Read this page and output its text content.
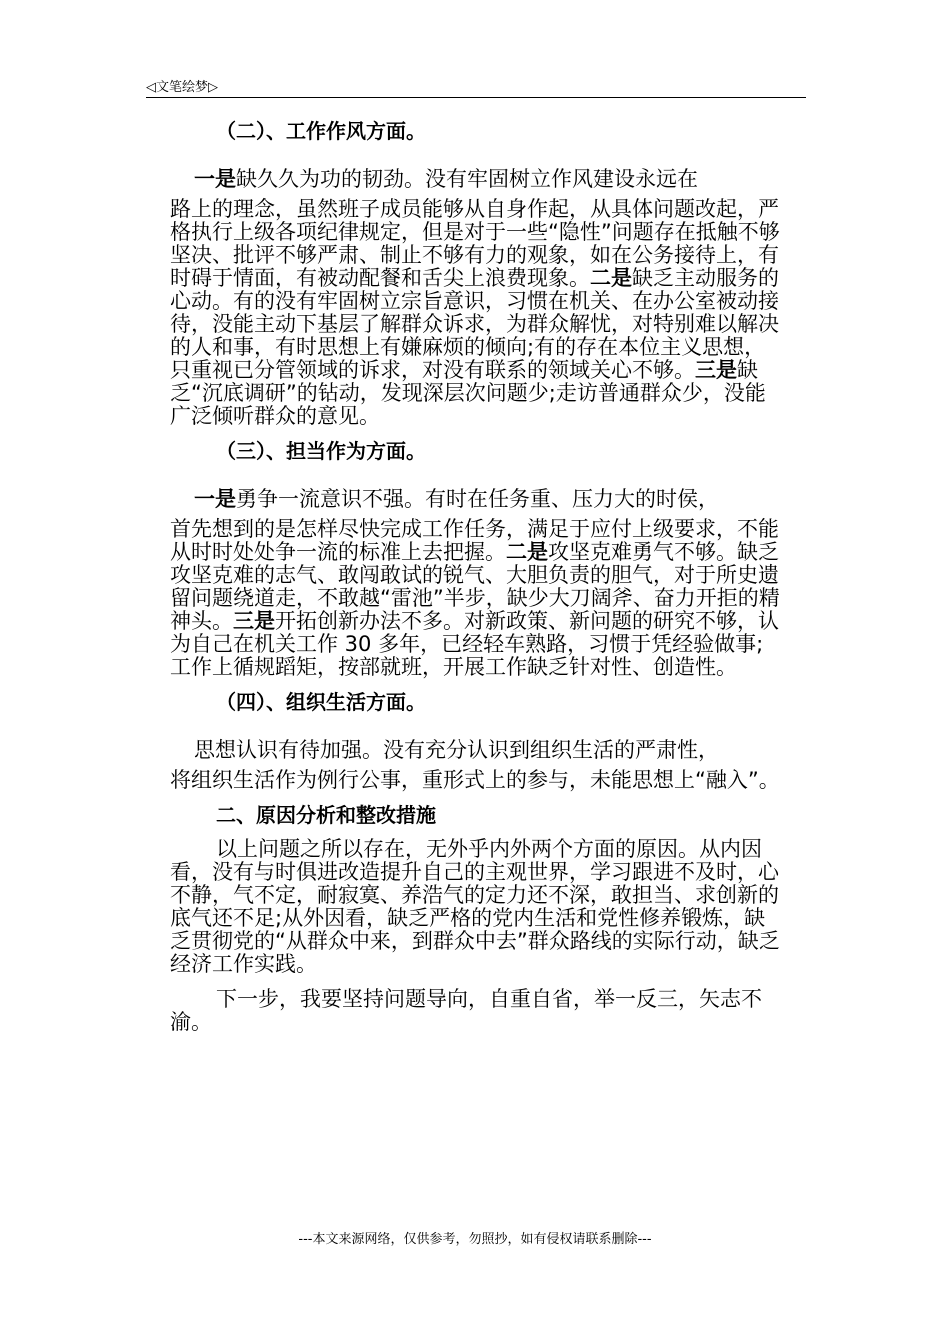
◁文笔绘梦▷
（二）、工作作风方面。

一是缺久久为功的韧劲。没有牢固树立作风建设永远在
路上的理念，虽然班子成员能够从自身作起，从具体问题改起，严格执行上级各项纪律规定，但是对于一些“隐性”问题存在抵触不够坚决、批评不够严肃、制止不够有力的观象，如在公务接待上，有时碍于情面，有被动配餐和舌尖上浪费现象。二是缺乏主动服务的心动。有的没有牢固树立宗旨意识，习惯在机关、在办公室被动接待，没能主动下基层了解群众诉求，为群众解忧，对特别难以解决的人和事，有时思想上有嫌麻烦的倾向;有的存在本位主义思想，只重视已分管领域的诉求，对没有联系的领域关心不够。三是缺乏“沉底调研”的钻动，发现深层次问题少;走访普通群众少，没能广泛倾听群众的意见。

（三）、担当作为方面。

一是勇争一流意识不强。有时在任务重、压力大的时侯，
首先想到的是怎样尽快完成工作任务，满足于应付上级要求，不能从时时处处争一流的标准上去把握。二是攻坚克难勇气不够。缺乏攻坚克难的志气、敢闯敢试的锐气、大胆负责的胆气，对于所史遗留问题绕道走，不敢越“雷池”半步，缺少大刀阔斧、奋力开拒的精神头。三是开拓创新办法不多。对新政策、新问题的研究不够，认为自己在机关工作 30 多年，已经轻车熟路，习惯于凭经验做事;工作上循规蹈矩，按部就班，开展工作缺乏针对性、创造性。

（四）、组织生活方面。

思想认识有待加强。没有充分认识到组织生活的严肃性，
将组织生活作为例行公事，重形式上的参与，未能思想上“融入”。

二、原因分析和整改措施

以上问题之所以存在，无外乎内外两个方面的原因。从内因看，没有与时俱进改造提升自己的主观世界，学习跟进不及时，心不静，气不定，耐寂寞、养浩气的定力还不深，敢担当、求创新的底气还不足;从外因看，缺乏严格的党内生活和党性修养锻炼，缺乏贯彻党的“从群众中来，到群众中去”群众路线的实际行动，缺乏经济工作实践。

下一步，我要坚持问题导向，自重自省，举一反三，矢志不渝。

---本文来源网络，仅供参考，勿照抄，如有侵权请联系删除---
